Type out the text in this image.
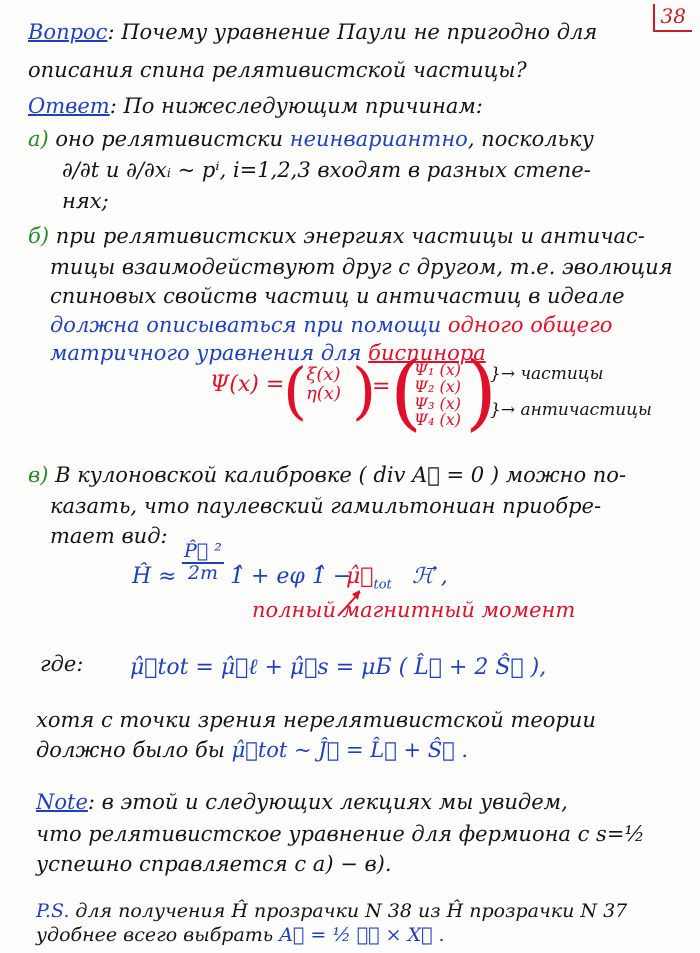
38
Вопрос: Почему уравнение Паули не пригодно для
описания спина релятивистской частицы?
Ответ: По нижеследующим причинам:
а) оно релятивистски неинвариантно, поскольку
∂/∂t и ∂/∂xᵢ ~ pⁱ, i=1,2,3 входят в разных степе-
нях;
б) при релятивистских энергиях частицы и античас-
тицы взаимодействуют друг с другом, т.е. эволюция
спиновых свойств частиц и античастиц в идеале
должна описываться при помощи одного общего
матричного уравнения для биспинора
Ψ(x) =
( ξ(x)
η(x) )
= (
Ψ₁ (x)
Ψ₂ (x)
Ψ₃ (x)
Ψ₄ (x) )
}→ частицы
}→ античастицы
в) В кулоновской калибровке ( div A⃗ = 0 ) можно по-
казать, что паулевский гамильтониан приобре-
тает вид:
Ĥ ≈
P̂⃗ ²
2m 1̂ + eφ 1̂ −
$\mû⃗_{tot}$ ℋ⃗ ,
полный магнитный момент
где: μ̂⃗tot = μ̂⃗ℓ + μ̂⃗s = μБ ( L̂⃗ + 2 Ŝ⃗ ),
хотя с точки зрения нерелятивистской теории
должно было бы μ̂⃗tot ~ Ĵ⃗ = L̂⃗ + Ŝ⃗ .
Note: в этой и следующих лекциях мы увидем,
что релятивистское уравнение для фермиона с s=½
успешно справляется с а) − в).
P.S. для получения Ĥ прозрачки N 38 из Ĥ прозрачки N 37
удобнее всего выбрать A⃗ = ½ ℋ⃗ × X⃗ .
